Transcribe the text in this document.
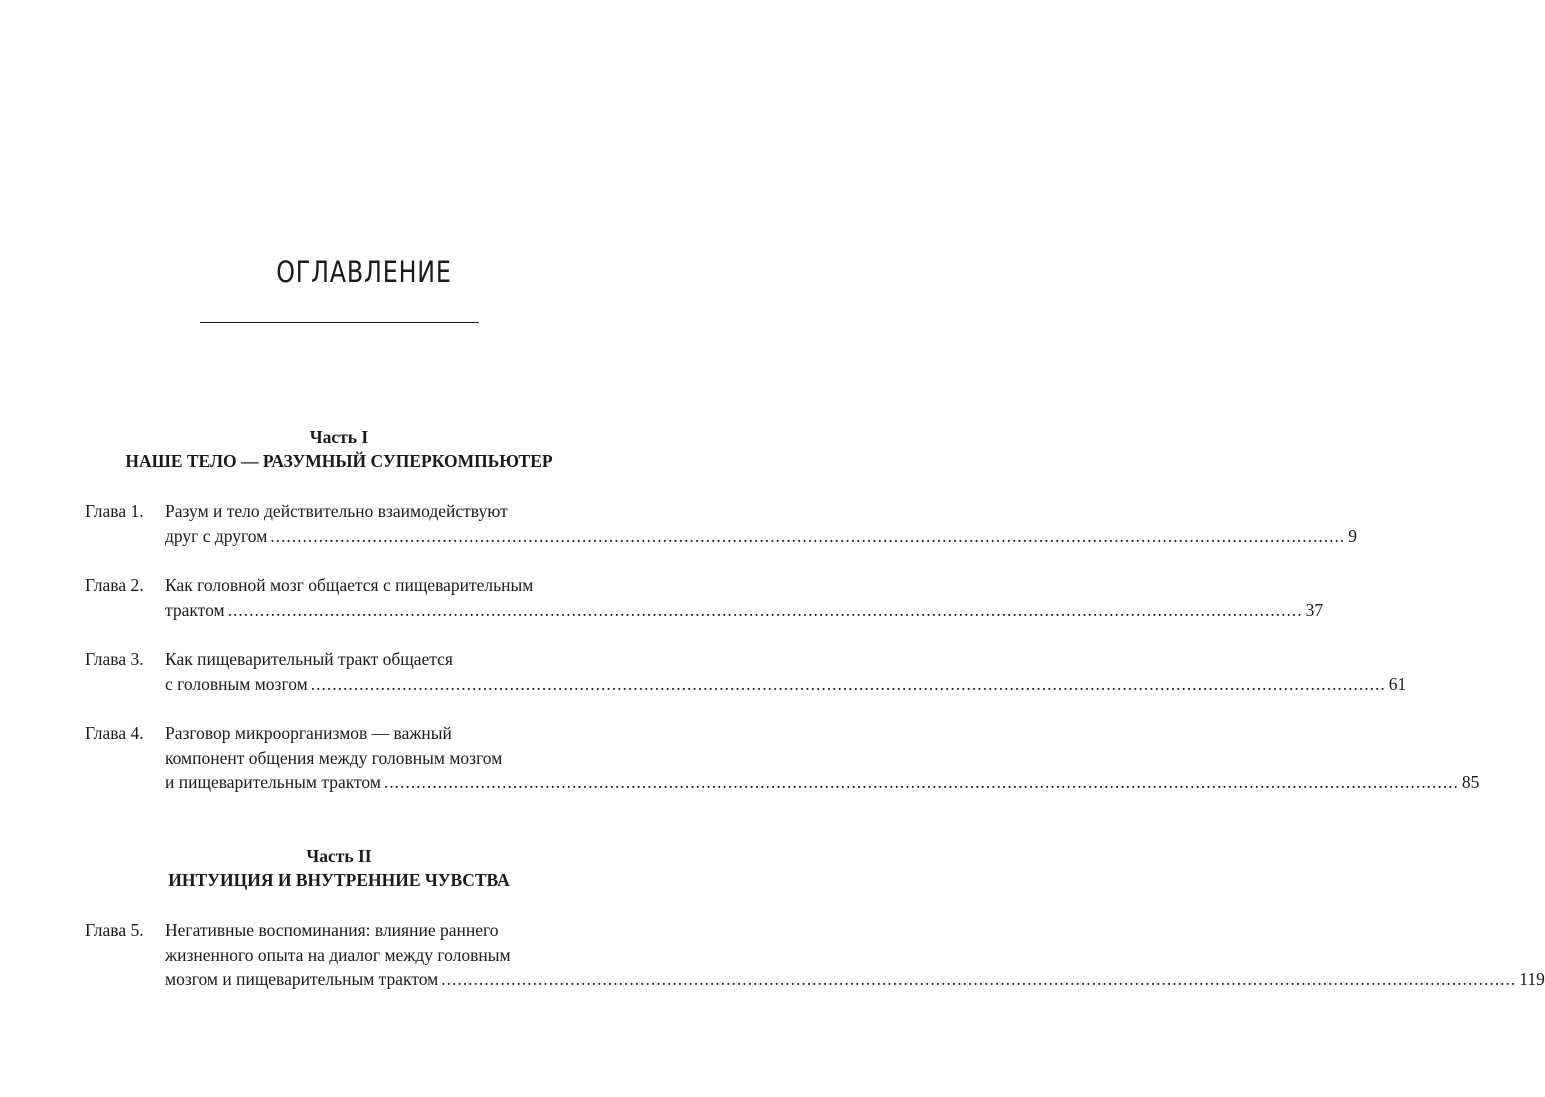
ОГЛАВЛЕНИЕ
Часть I
НАШЕ ТЕЛО — РАЗУМНЫЙ СУПЕРКОМПЬЮТЕР
Глава 1. Разум и тело действительно взаимодействуют
друг с другом ........................................................................................................................................................................................................ 9
Глава 2. Как головной мозг общается с пищеварительным
трактом ........................................................................................................................................................................................................ 37
Глава 3. Как пищеварительный тракт общается
с головным мозгом ........................................................................................................................................................................................................ 61
Глава 4. Разговор микроорганизмов — важный
компонент общения между головным мозгом
и пищеварительным трактом ........................................................................................................................................................................................................ 85
Часть II
ИНТУИЦИЯ И ВНУТРЕННИЕ ЧУВСТВА
Глава 5. Негативные воспоминания: влияние раннего
жизненного опыта на диалог между головным
мозгом и пищеварительным трактом ........................................................................................................................................................................................................ 119
